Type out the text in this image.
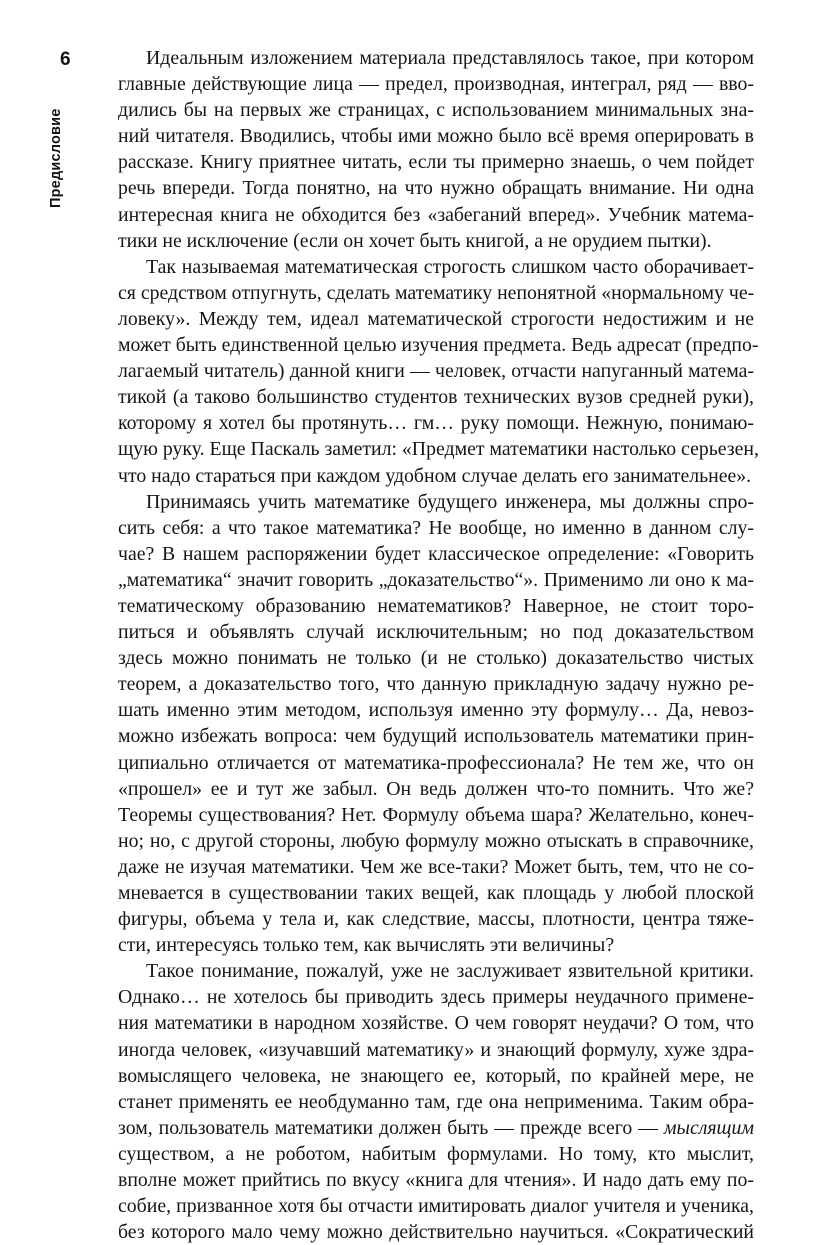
6
Предисловие
Идеальным изложением материала представлялось такое, при котором
главные действующие лица — предел, производная, интеграл, ряд — вво-
дились бы на первых же страницах, с использованием минимальных зна-
ний читателя. Вводились, чтобы ими можно было всё время оперировать в
рассказе. Книгу приятнее читать, если ты примерно знаешь, о чем пойдет
речь впереди. Тогда понятно, на что нужно обращать внимание. Ни одна
интересная книга не обходится без «забеганий вперед». Учебник матема-
тики не исключение (если он хочет быть книгой, а не орудием пытки).
Так называемая математическая строгость слишком часто оборачивает-
ся средством отпугнуть, сделать математику непонятной «нормальному че-
ловеку». Между тем, идеал математической строгости недостижим и не
может быть единственной целью изучения предмета. Ведь адресат (предпо-
лагаемый читатель) данной книги — человек, отчасти напуганный матема-
тикой (а таково большинство студентов технических вузов средней руки),
которому я хотел бы протянуть… гм… руку помощи. Нежную, понимаю-
щую руку. Еще Паскаль заметил: «Предмет математики настолько серьезен,
что надо стараться при каждом удобном случае делать его занимательнее».
Принимаясь учить математике будущего инженера, мы должны спро-
сить себя: а что такое математика? Не вообще, но именно в данном слу-
чае? В нашем распоряжении будет классическое определение: «Говорить
„математика“ значит говорить „доказательство“». Применимо ли оно к ма-
тематическому образованию нематематиков? Наверное, не стоит торо-
питься и объявлять случай исключительным; но под доказательством
здесь можно понимать не только (и не столько) доказательство чистых
теорем, а доказательство того, что данную прикладную задачу нужно ре-
шать именно этим методом, используя именно эту формулу… Да, невоз-
можно избежать вопроса: чем будущий использователь математики прин-
ципиально отличается от математика-профессионала? Не тем же, что он
«прошел» ее и тут же забыл. Он ведь должен что-то помнить. Что же?
Теоремы существования? Нет. Формулу объема шара? Желательно, конеч-
но; но, с другой стороны, любую формулу можно отыскать в справочнике,
даже не изучая математики. Чем же все-таки? Может быть, тем, что не со-
мневается в существовании таких вещей, как площадь у любой плоской
фигуры, объема у тела и, как следствие, массы, плотности, центра тяже-
сти, интересуясь только тем, как вычислять эти величины?
Такое понимание, пожалуй, уже не заслуживает язвительной критики.
Однако… не хотелось бы приводить здесь примеры неудачного примене-
ния математики в народном хозяйстве. О чем говорят неудачи? О том, что
иногда человек, «изучавший математику» и знающий формулу, хуже здра-
вомыслящего человека, не знающего ее, который, по крайней мере, не
станет применять ее необдуманно там, где она неприменима. Таким обра-
зом, пользователь математики должен быть — прежде всего — мыслящим
существом, а не роботом, набитым формулами. Но тому, кто мыслит,
вполне может прийтись по вкусу «книга для чтения». И надо дать ему по-
собие, призванное хотя бы отчасти имитировать диалог учителя и ученика,
без которого мало чему можно действительно научиться. «Сократический
